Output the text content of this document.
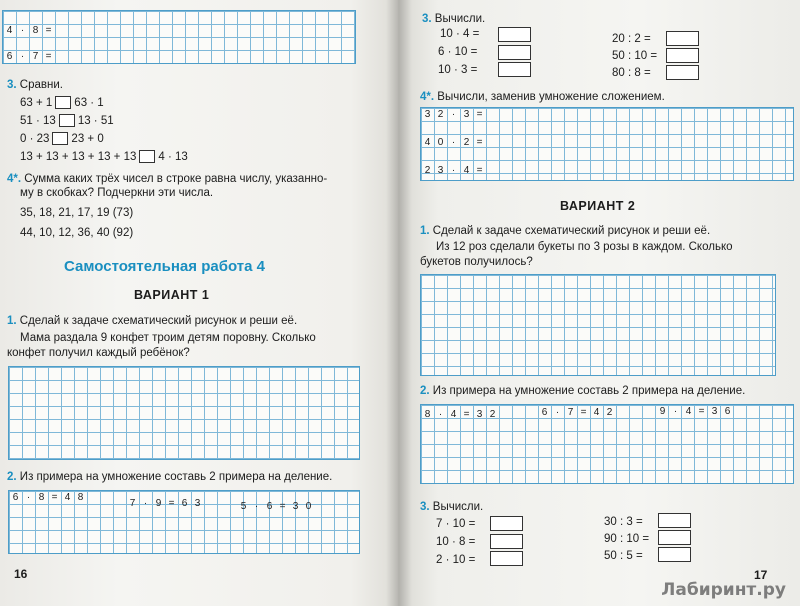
4 · 8 =
6 · 7 =
3. Сравни.
63 + 1 63 · 1
51 · 13 13 · 51
0 · 23 23 + 0
13 + 13 + 13 + 13 + 13 4 · 13
4*. Сумма каких трёх чисел в строке равна числу, указанно-
му в скобках? Подчеркни эти числа.
35, 18, 21, 17, 19 (73)
44, 10, 12, 36, 40 (92)
Самостоятельная работа 4
ВАРИАНТ 1
1. Сделай к задаче схематический рисунок и реши её.
Мама раздала 9 конфет троим детям поровну. Сколько
конфет получил каждый ребёнок?
2. Из примера на умножение составь 2 примера на деление.
6 · 8 = 4 8
7 · 9 = 6 3	5 · 6 = 3 0
16
3. Вычисли.
10 · 4 =
6 · 10 =
10 · 3 =
20 : 2 =
50 : 10 =
80 : 8 =
4*. Вычисли, заменив умножение сложением.
3 2 · 3 =
4 0 · 2 =
2 3 · 4 =
ВАРИАНТ 2
1. Сделай к задаче схематический рисунок и реши её.
Из 12 роз сделали букеты по 3 розы в каждом. Сколько
букетов получилось?
2. Из примера на умножение составь 2 примера на деление.
8 · 4 = 3 2	6 · 7 = 4 2	9 · 4 = 3 6
3. Вычисли.
7 · 10 =
10 · 8 =
2 · 10 =
30 : 3 =
90 : 10 =
50 : 5 =
17
Лабиринт.ру
